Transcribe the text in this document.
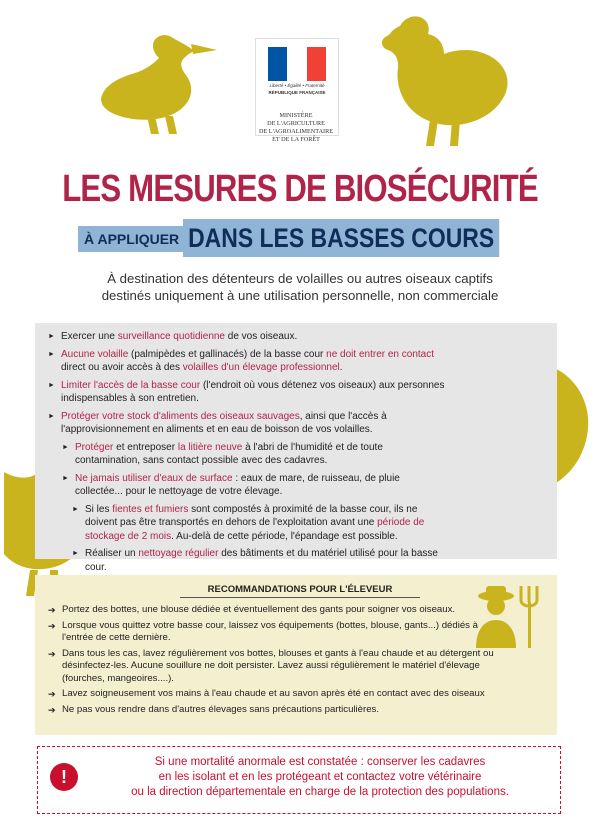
Liberté • Égalité • Fraternité
RÉPUBLIQUE FRANÇAISE
MINISTÈRE
DE L'AGRICULTURE
DE L'AGROALIMENTAIRE
ET DE LA FORÊT
LES MESURES DE BIOSÉCURITÉ
À APPLIQUER DANS LES BASSES COURS
À destination des détenteurs de volailles ou autres oiseaux captifs
destinés uniquement à une utilisation personnelle, non commerciale
► Exercer une surveillance quotidienne de vos oiseaux.
► Aucune volaille (palmipèdes et gallinacés) de la basse cour ne doit entrer en contact direct ou avoir accès à des volailles d'un élevage professionnel.
► Limiter l'accès de la basse cour (l'endroit où vous détenez vos oiseaux) aux personnes indispensables à son entretien.
► Protéger votre stock d'aliments des oiseaux sauvages, ainsi que l'accès à l'approvisionnement en aliments et en eau de boisson de vos volailles.
► Protéger et entreposer la litière neuve à l'abri de l'humidité et de toute contamination, sans contact possible avec des cadavres.
► Ne jamais utiliser d'eaux de surface : eaux de mare, de ruisseau, de pluie collectée... pour le nettoyage de votre élevage.
► Si les fientes et fumiers sont compostés à proximité de la basse cour, ils ne doivent pas être transportés en dehors de l'exploitation avant une période de stockage de 2 mois. Au-delà de cette période, l'épandage est possible.
► Réaliser un nettoyage régulier des bâtiments et du matériel utilisé pour la basse cour.
RECOMMANDATIONS POUR L'ÉLEVEUR
➔ Portez des bottes, une blouse dédiée et éventuellement des gants pour soigner vos oiseaux.
➔ Lorsque vous quittez votre basse cour, laissez vos équipements (bottes, blouse, gants...) dédiés à l'entrée de cette dernière.
➔ Dans tous les cas, lavez régulièrement vos bottes, blouses et gants à l'eau chaude et au détergent ou désinfectez-les. Aucune souillure ne doit persister. Lavez aussi régulièrement le matériel d'élevage (fourches, mangeoires....).
➔ Lavez soigneusement vos mains à l'eau chaude et au savon après été en contact avec des oiseaux
➔ Ne pas vous rendre dans d'autres élevages sans précautions particulières.
!
Si une mortalité anormale est constatée : conserver les cadavres
en les isolant et en les protégeant et contactez votre vétérinaire
ou la direction départementale en charge de la protection des populations.
